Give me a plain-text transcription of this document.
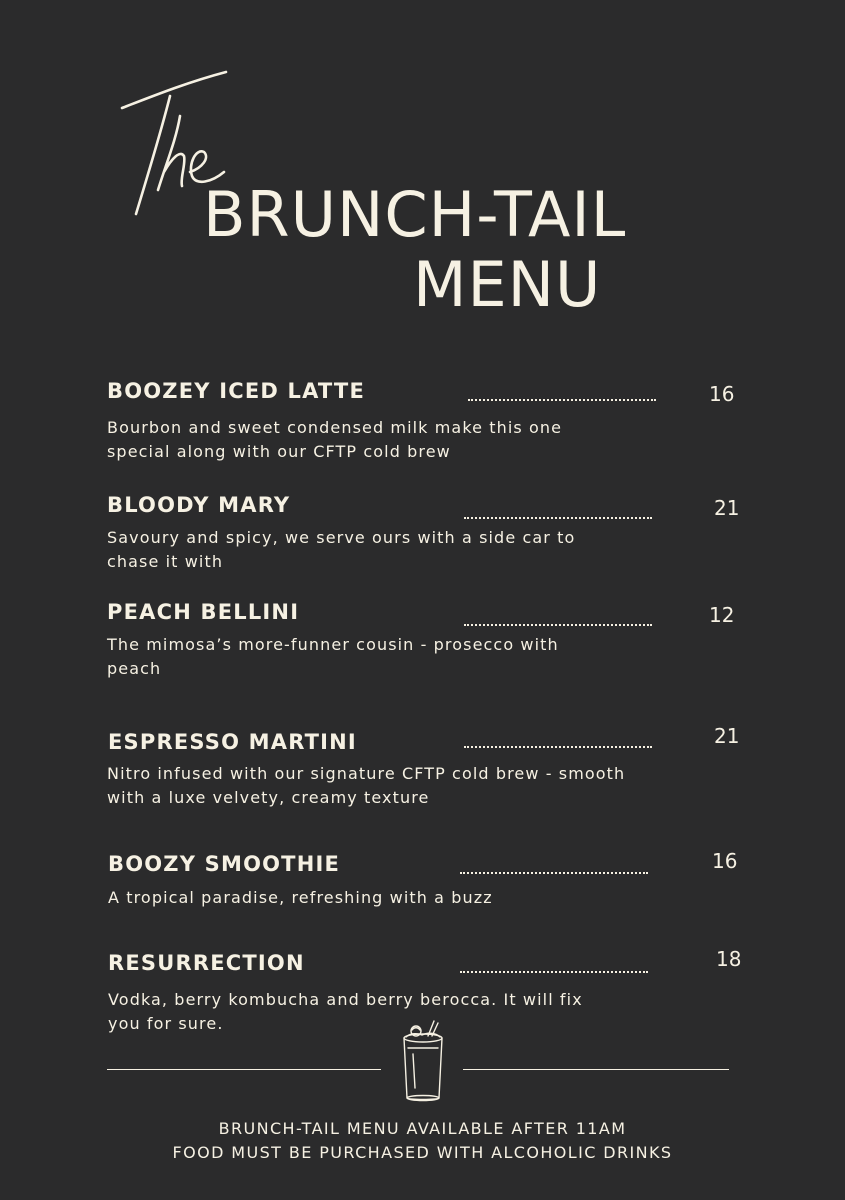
BRUNCH-TAIL
MENU
BOOZEY ICED LATTE	16
Bourbon and sweet condensed milk make this one special along with our CFTP cold brew
BLOODY MARY	21
Savoury and spicy, we serve ours with a side car to chase it with
PEACH BELLINI	12
The mimosa’s more-funner cousin - prosecco with peach
ESPRESSO MARTINI	21
Nitro infused with our signature CFTP cold brew - smooth with a luxe velvety, creamy texture
BOOZY SMOOTHIE	16
A tropical paradise, refreshing with a buzz
RESURRECTION	18
Vodka, berry kombucha and berry berocca. It will fix you for sure.
BRUNCH-TAIL MENU AVAILABLE AFTER 11AM
FOOD MUST BE PURCHASED WITH ALCOHOLIC DRINKS
